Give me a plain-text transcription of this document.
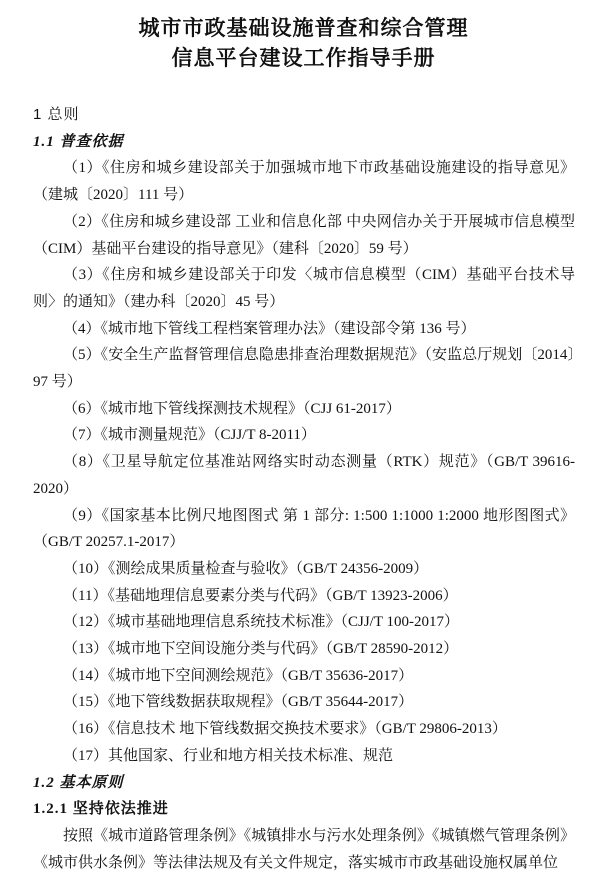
城市市政基础设施普查和综合管理
信息平台建设工作指导手册

1 总则

1.1 普查依据

（1）《住房和城乡建设部关于加强城市地下市政基础设施建设的指导意见》（建城〔2020〕111 号）

（2）《住房和城乡建设部 工业和信息化部 中央网信办关于开展城市信息模型（CIM）基础平台建设的指导意见》（建科〔2020〕59 号）

（3）《住房和城乡建设部关于印发〈城市信息模型（CIM）基础平台技术导则〉的通知》（建办科〔2020〕45 号）

（4）《城市地下管线工程档案管理办法》（建设部令第 136 号）

（5）《安全生产监督管理信息隐患排查治理数据规范》（安监总厅规划〔2014〕97 号）

（6）《城市地下管线探测技术规程》（CJJ 61-2017）

（7）《城市测量规范》（CJJ/T 8-2011）

（8）《卫星导航定位基准站网络实时动态测量（RTK）规范》（GB/T 39616-2020）

（9）《国家基本比例尺地图图式 第 1 部分: 1:500 1:1000 1:2000 地形图图式》（GB/T 20257.1-2017）

（10）《测绘成果质量检查与验收》（GB/T 24356-2009）

（11）《基础地理信息要素分类与代码》（GB/T 13923-2006）

（12）《城市基础地理信息系统技术标准》（CJJ/T 100-2017）

（13）《城市地下空间设施分类与代码》（GB/T 28590-2012）

（14）《城市地下空间测绘规范》（GB/T 35636-2017）

（15）《地下管线数据获取规程》（GB/T 35644-2017）

（16）《信息技术 地下管线数据交换技术要求》（GB/T 29806-2013）

（17）其他国家、行业和地方相关技术标准、规范

1.2 基本原则

1.2.1 坚持依法推进

按照《城市道路管理条例》《城镇排水与污水处理条例》《城镇燃气管理条例》《城市供水条例》等法律法规及有关文件规定，落实城市市政基础设施权属单位
